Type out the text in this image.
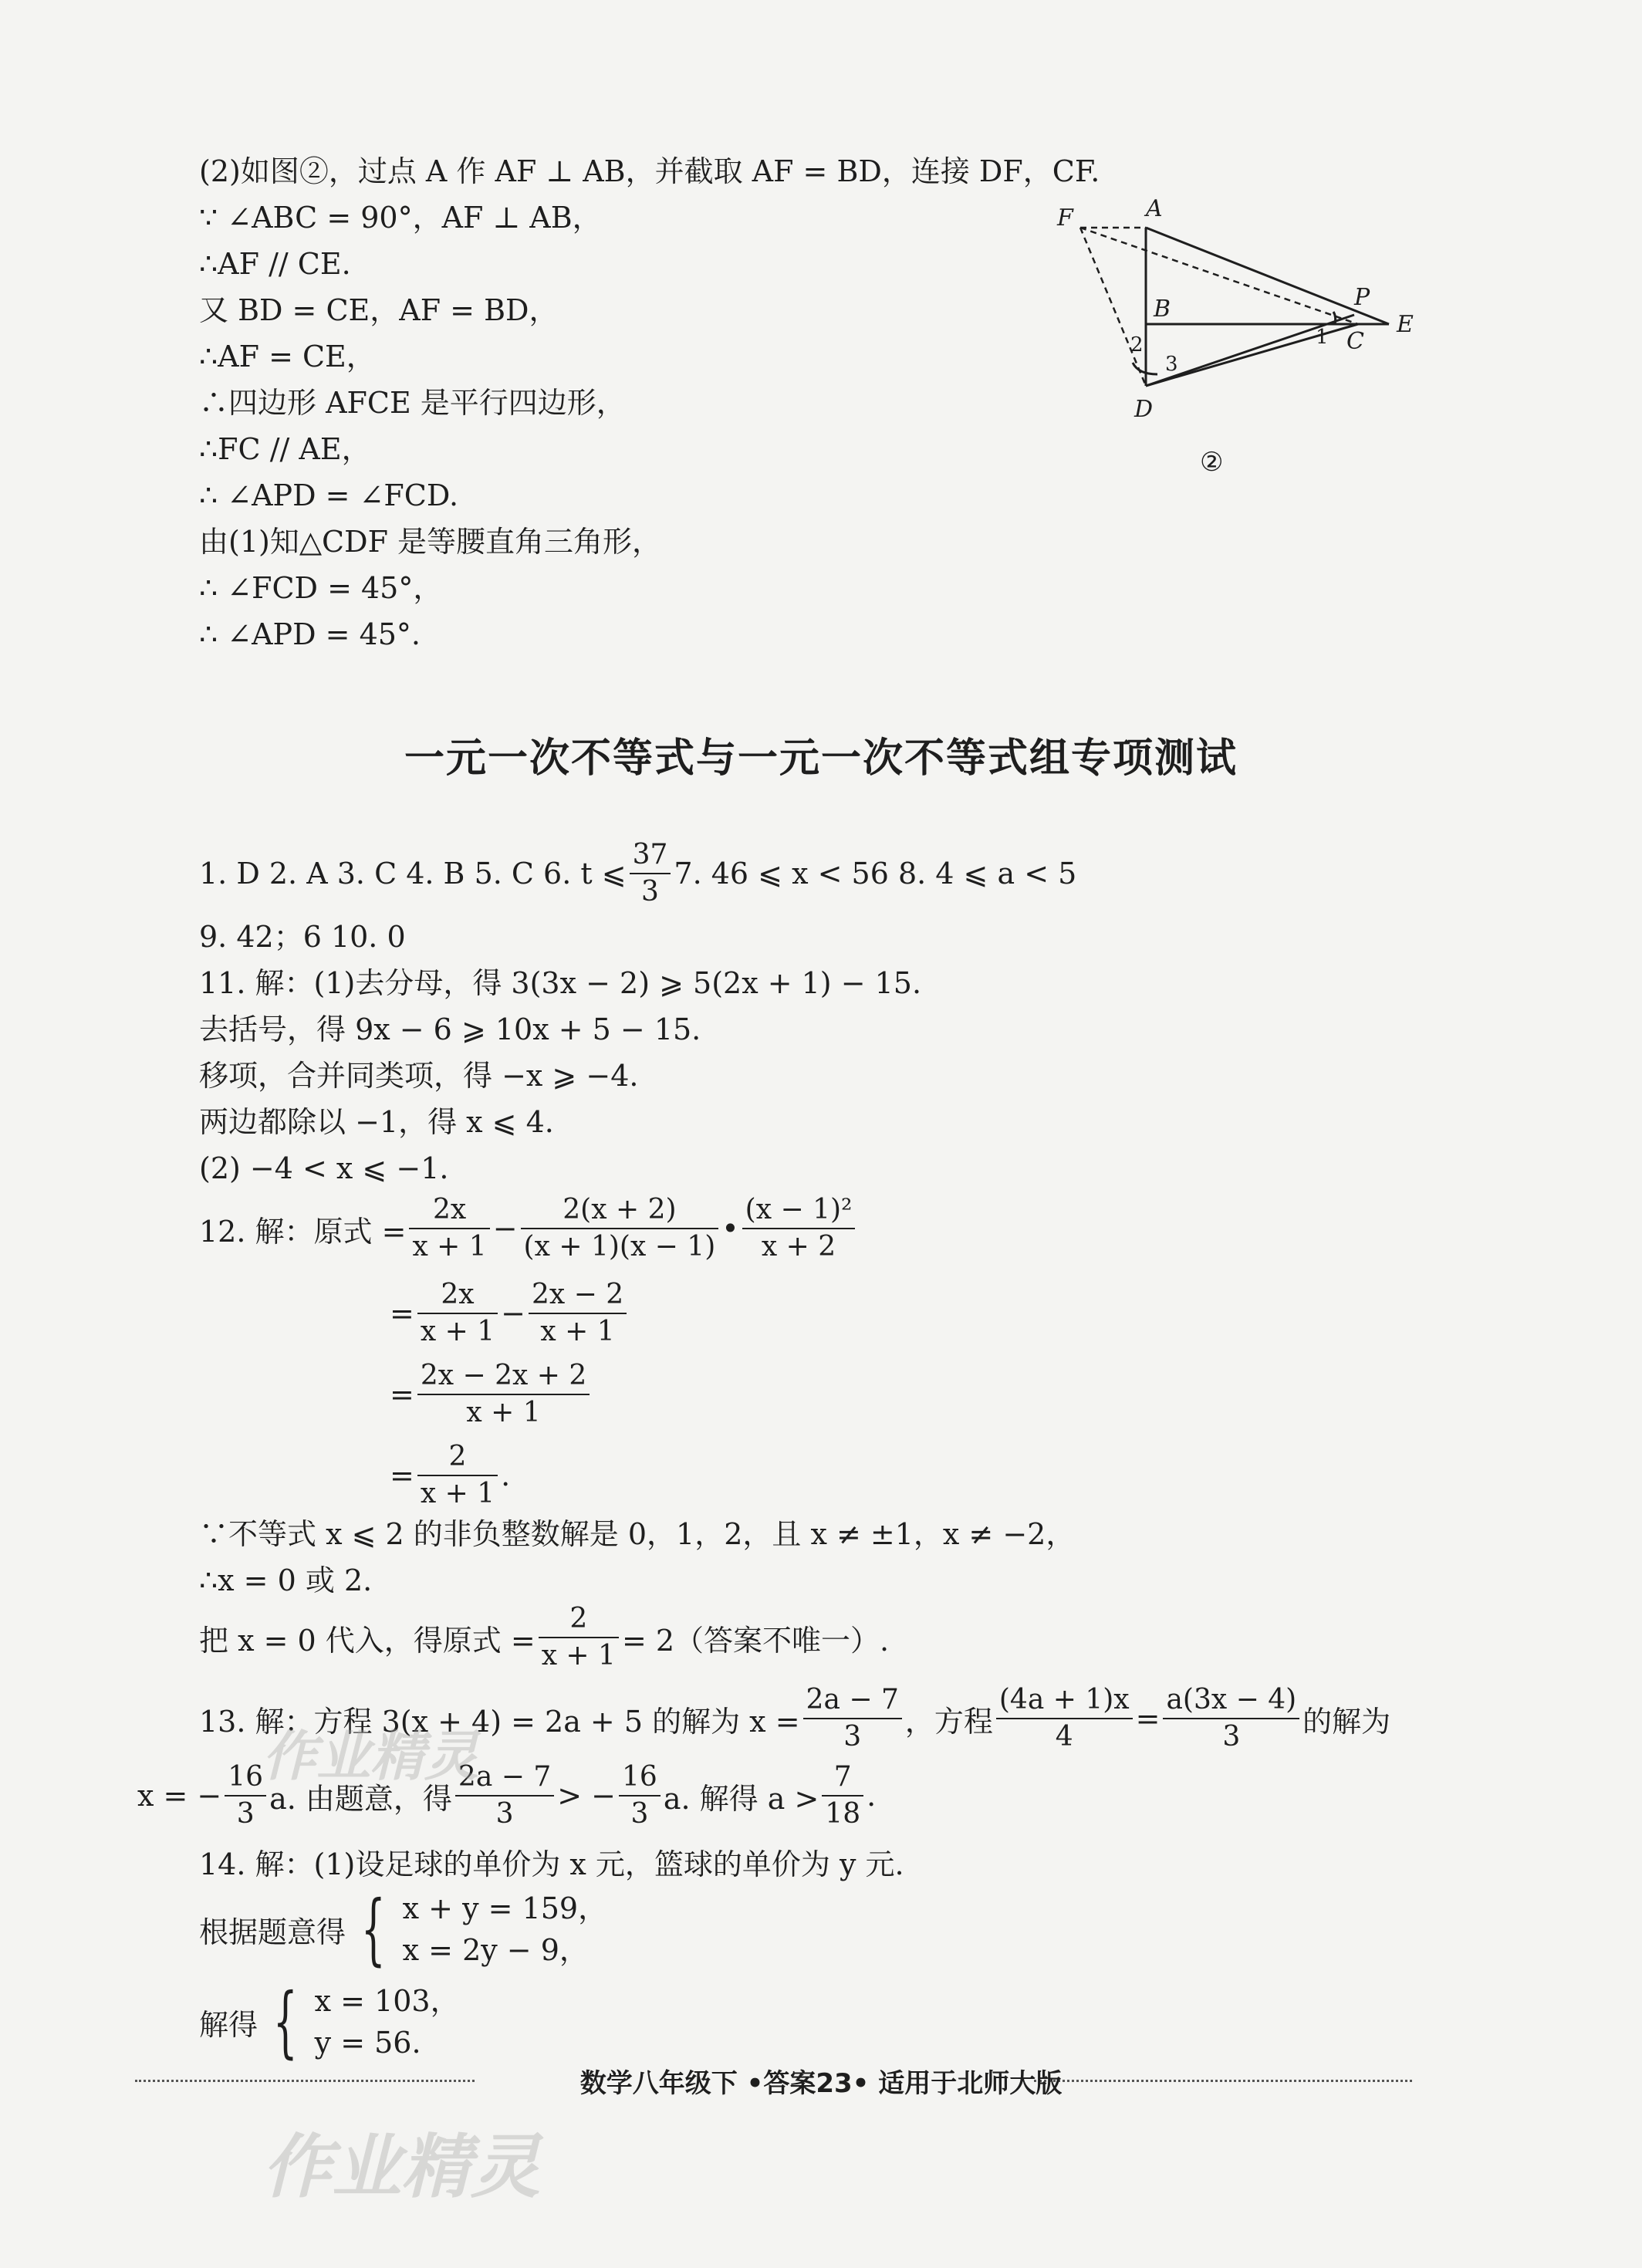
(2)如图②，过点 A 作 AF ⊥ AB，并截取 AF = BD，连接 DF，CF.
∵ ∠ABC = 90°，AF ⊥ AB，
∴AF // CE.
又 BD = CE，AF = BD，
∴AF = CE，
∴四边形 AFCE 是平行四边形，
∴FC // AE，
∴ ∠APD = ∠FCD.
由(1)知△CDF 是等腰直角三角形，
∴ ∠FCD = 45°，
∴ ∠APD = 45°.
F	A
B
C
D
E
P
1
2
3
②
一元一次不等式与一元一次不等式组专项测试
1. D 2. A 3. C 4. B 5. C 6. t ⩽ $\frac{37}{3} 7$. 46 ⩽ x < 56 8. 4 ⩽ a < 5
9. 42；6 10. 0
11. 解：(1)去分母，得 3(3x − 2) ⩾ 5(2x + 1) − 15.
去括号，得 9x − 6 ⩾ 10x + 5 − 15.
移项，合并同类项，得 −x ⩾ −4.
两边都除以 −1，得 x ⩽ 4.
(2) −4 < x ⩽ −1.
12. 解：原式 = $\frac{2x}{x + 1} - \frac{2(x + 2)}{(x + 1)(x - 1)}$ • $\frac{\text{(x − 1)²}}{x + 2}$
= $\frac{2x}{x + 1} - \frac{2x - 2}{x + 1}$
= $\frac{2x - 2x + 2}{x + 1}$
= $\frac{2}{x + 1}$ .
∵不等式 x ⩽ 2 的非负整数解是 0，1，2，且 x ≠ ±1，x ≠ −2，
∴x = 0 或 2.
把 x = 0 代入，得原式 = $\frac{2}{x + 1} = 2$（答案不唯一）.
13. 解：方程 3(x + 4) = 2a + 5 的解为 $x = \frac{2a - 7}{3}$ ，方程 $\frac{(4a + 1)x}{4} = \frac{a(3x - 4)}{3}$ 的解为
x = − $\frac{16}{3} a$. 由题意，得 $\frac{2a - 7}{3}$ > − $\frac{16}{3} a$. 解得 $a > \frac{7}{18}$ .
14. 解：(1)设足球的单价为 x 元，篮球的单价为 y 元.
根据题意得 { x + y = 159，
x = 2y − 9，
解得 { x = 103，
y = 56.
数学八年级下 •答案23• 适用于北师大版
作业精灵
作业精灵
